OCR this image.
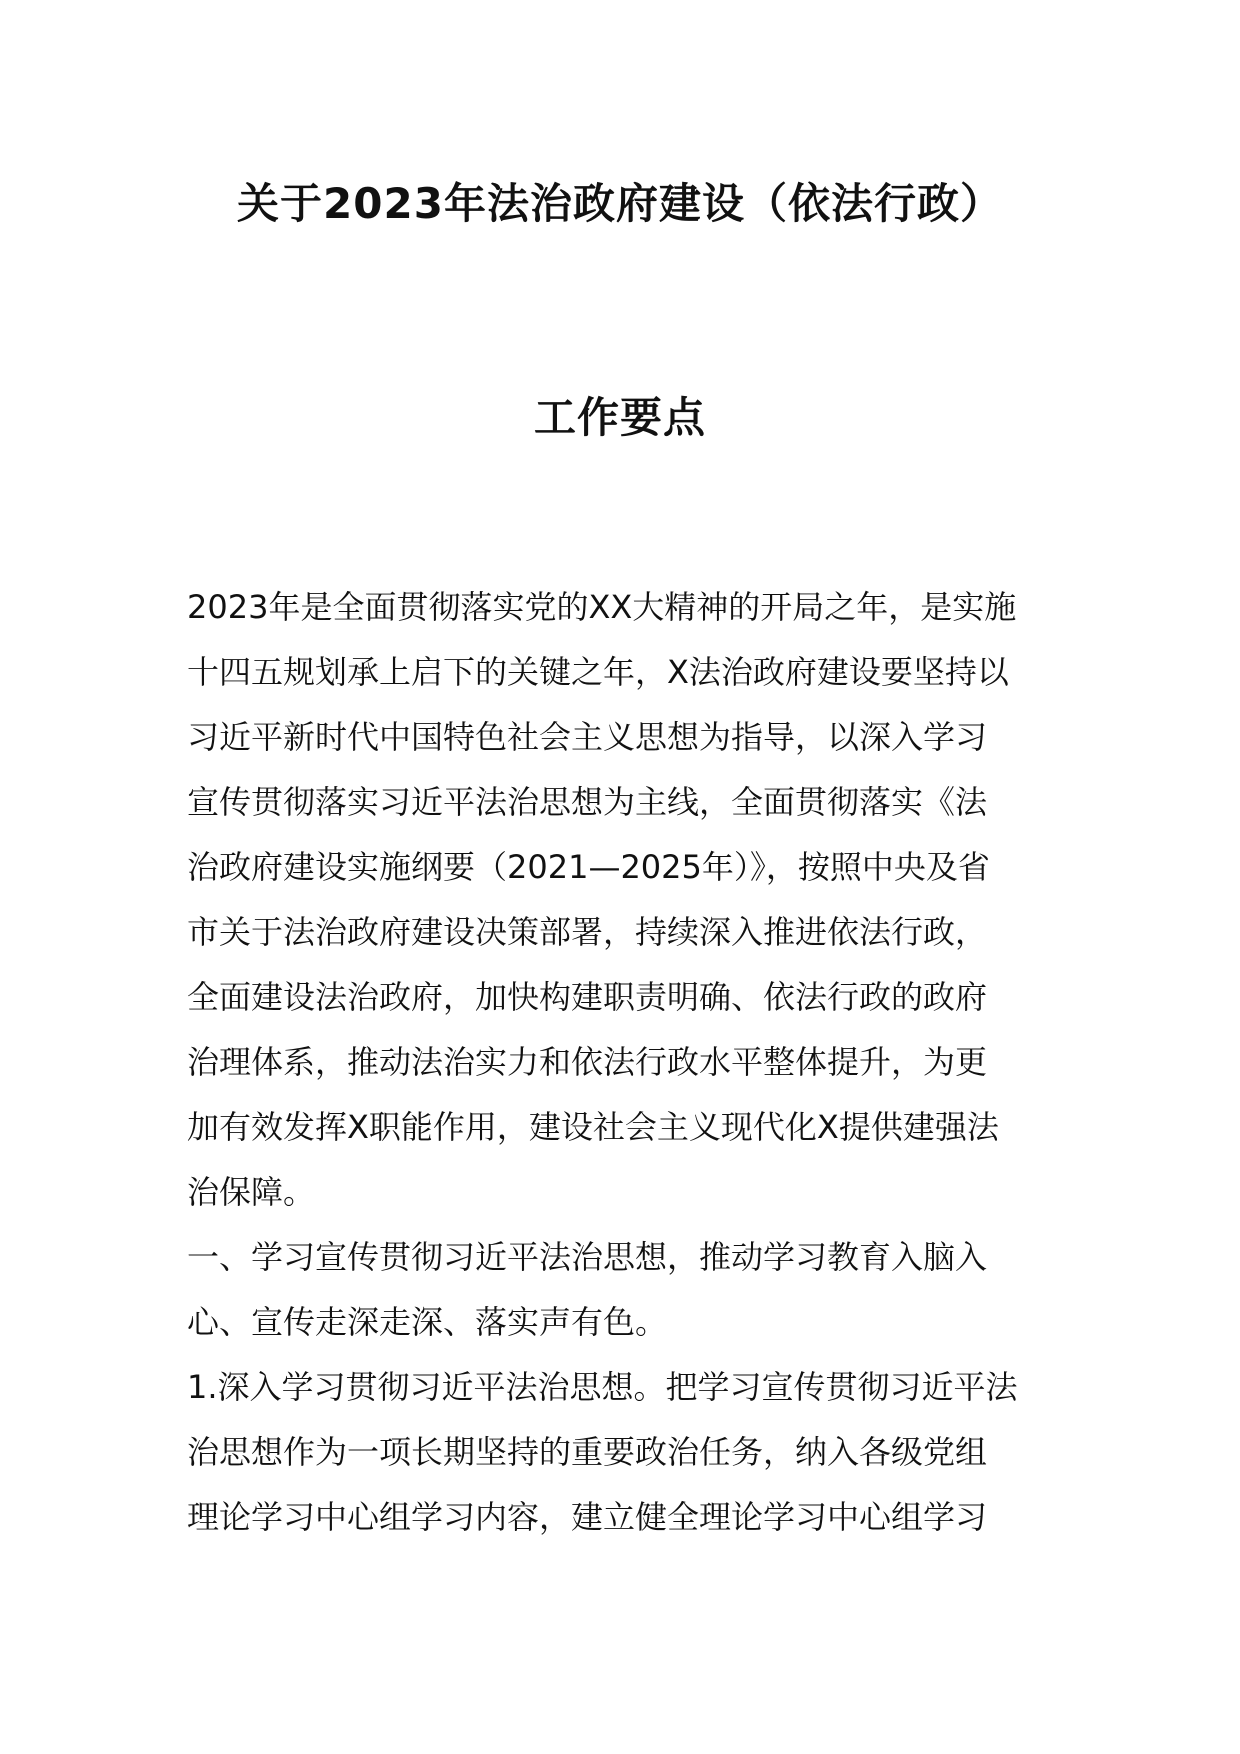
关于2023年法治政府建设（依法行政）
工作要点
2023年是全面贯彻落实党的XX大精神的开局之年，是实施
十四五规划承上启下的关键之年，X法治政府建设要坚持以
习近平新时代中国特色社会主义思想为指导，以深入学习
宣传贯彻落实习近平法治思想为主线，全面贯彻落实《法
治政府建设实施纲要（2021—2025年）》，按照中央及省
市关于法治政府建设决策部署，持续深入推进依法行政，
全面建设法治政府，加快构建职责明确、依法行政的政府
治理体系，推动法治实力和依法行政水平整体提升，为更
加有效发挥X职能作用，建设社会主义现代化X提供建强法
治保障。
一、学习宣传贯彻习近平法治思想，推动学习教育入脑入
心、宣传走深走深、落实声有色。
1.深入学习贯彻习近平法治思想。把学习宣传贯彻习近平法
治思想作为一项长期坚持的重要政治任务，纳入各级党组
理论学习中心组学习内容，建立健全理论学习中心组学习
